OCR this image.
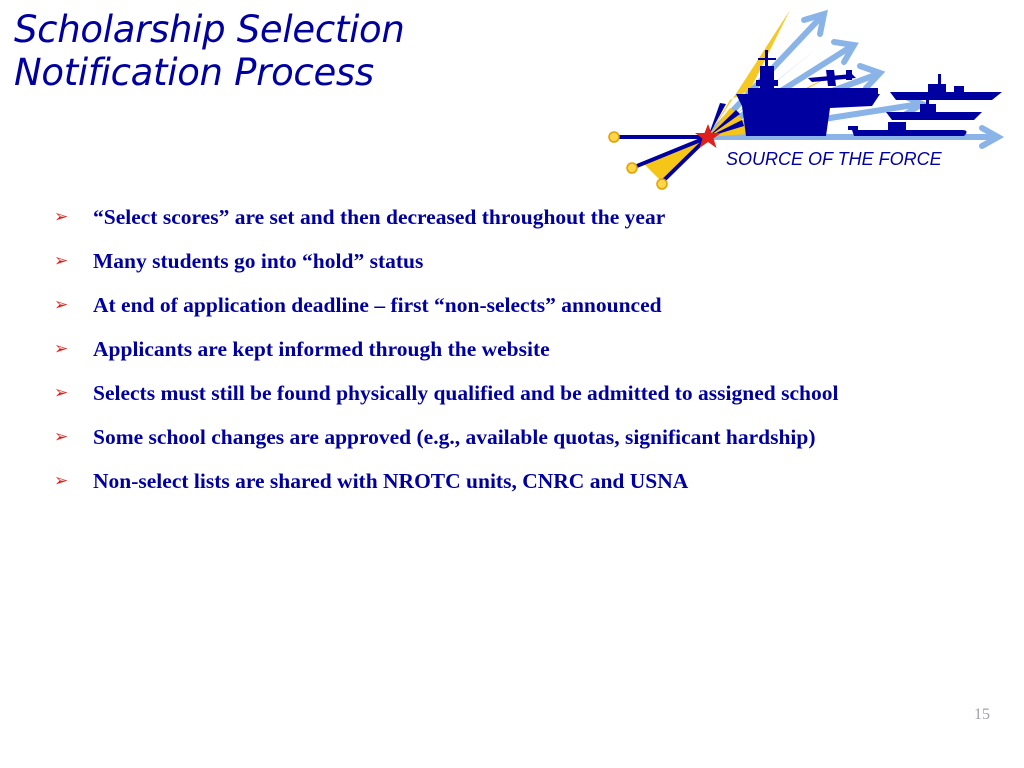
Scholarship Selection
Notification Process
SOURCE OF THE FORCE
➢ “Select scores” are set and then decreased throughout the year
➢ Many students go into “hold” status
➢ At end of application deadline – first “non-selects” announced
➢ Applicants are kept informed through the website
➢ Selects must still be found physically qualified and be admitted to assigned school
➢ Some school changes are approved (e.g., available quotas, significant hardship)
➢ Non-select lists are shared with NROTC units, CNRC and USNA
15
